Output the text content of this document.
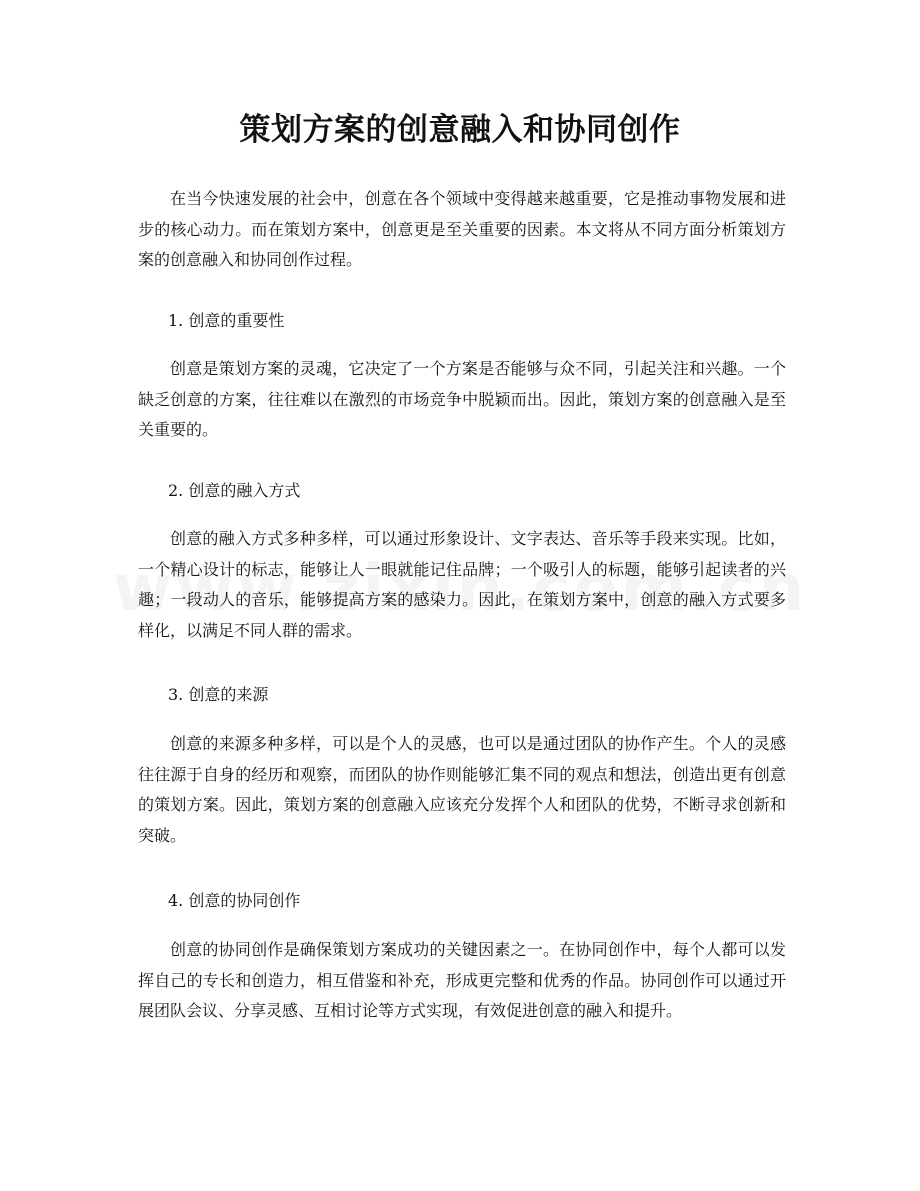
策划方案的创意融入和协同创作

在当今快速发展的社会中，创意在各个领域中变得越来越重要，它是推动事物发展和进步的核心动力。而在策划方案中，创意更是至关重要的因素。本文将从不同方面分析策划方案的创意融入和协同创作过程。

1. 创意的重要性

创意是策划方案的灵魂，它决定了一个方案是否能够与众不同，引起关注和兴趣。一个缺乏创意的方案，往往难以在激烈的市场竞争中脱颖而出。因此，策划方案的创意融入是至关重要的。

2. 创意的融入方式

创意的融入方式多种多样，可以通过形象设计、文字表达、音乐等手段来实现。比如，一个精心设计的标志，能够让人一眼就能记住品牌；一个吸引人的标题，能够引起读者的兴趣；一段动人的音乐，能够提高方案的感染力。因此，在策划方案中，创意的融入方式要多样化，以满足不同人群的需求。

3. 创意的来源

创意的来源多种多样，可以是个人的灵感，也可以是通过团队的协作产生。个人的灵感往往源于自身的经历和观察，而团队的协作则能够汇集不同的观点和想法，创造出更有创意的策划方案。因此，策划方案的创意融入应该充分发挥个人和团队的优势，不断寻求创新和突破。

4. 创意的协同创作

创意的协同创作是确保策划方案成功的关键因素之一。在协同创作中，每个人都可以发挥自己的专长和创造力，相互借鉴和补充，形成更完整和优秀的作品。协同创作可以通过开展团队会议、分享灵感、互相讨论等方式实现，有效促进创意的融入和提升。
